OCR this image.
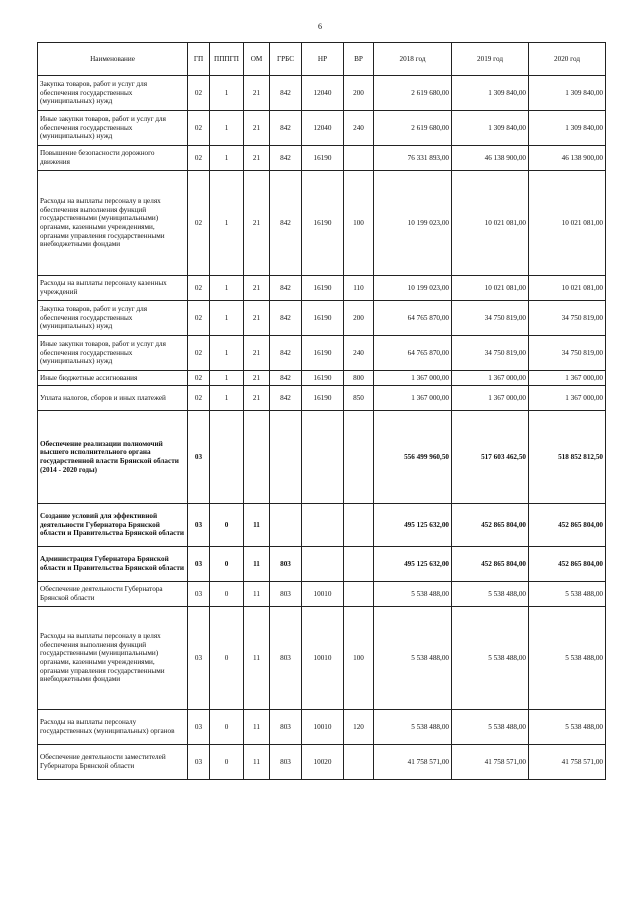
6
Наименование	ГП	ПППГП	ОМ	ГРБС	НР	ВР	2018 год	2019 год	2020 год
Закупка товаров, работ и услуг для обеспечения государственных (муниципальных) нужд	02	1	21	842	12040	200	2 619 680,00	1 309 840,00	1 309 840,00
Иные закупки товаров, работ и услуг для обеспечения государственных (муниципальных) нужд	02	1	21	842	12040	240	2 619 680,00	1 309 840,00	1 309 840,00
Повышение безопасности дорожного движения	02	1	21	842	16190		76 331 893,00	46 138 900,00	46 138 900,00
Расходы на выплаты персоналу в целях обеспечения выполнения функций государственными (муниципальными) органами, казенными учреждениями, органами управления государственными внебюджетными фондами	02	1	21	842	16190	100	10 199 023,00	10 021 081,00	10 021 081,00
Расходы на выплаты персоналу казенных учреждений	02	1	21	842	16190	110	10 199 023,00	10 021 081,00	10 021 081,00
Закупка товаров, работ и услуг для обеспечения государственных (муниципальных) нужд	02	1	21	842	16190	200	64 765 870,00	34 750 819,00	34 750 819,00
Иные закупки товаров, работ и услуг для обеспечения государственных (муниципальных) нужд	02	1	21	842	16190	240	64 765 870,00	34 750 819,00	34 750 819,00
Иные бюджетные ассигнования	02	1	21	842	16190	800	1 367 000,00	1 367 000,00	1 367 000,00
Уплата налогов, сборов и иных платежей	02	1	21	842	16190	850	1 367 000,00	1 367 000,00	1 367 000,00
Обеспечение реализации полномочий высшего исполнительного органа государственной власти Брянской области (2014 - 2020 годы)	03						556 499 960,50	517 603 462,50	518 852 812,50
Создание условий для эффективной деятельности Губернатора Брянской области и Правительства Брянской области	03	0	11				495 125 632,00	452 865 804,00	452 865 804,00
Администрация Губернатора Брянской области и Правительства Брянской области	03	0	11	803			495 125 632,00	452 865 804,00	452 865 804,00
Обеспечение деятельности Губернатора Брянской области	03	0	11	803	10010		5 538 488,00	5 538 488,00	5 538 488,00
Расходы на выплаты персоналу в целях обеспечения выполнения функций государственными (муниципальными) органами, казенными учреждениями, органами управления государственными внебюджетными фондами	03	0	11	803	10010	100	5 538 488,00	5 538 488,00	5 538 488,00
Расходы на выплаты персоналу государственных (муниципальных) органов	03	0	11	803	10010	120	5 538 488,00	5 538 488,00	5 538 488,00
Обеспечение деятельности заместителей Губернатора Брянской области	03	0	11	803	10020		41 758 571,00	41 758 571,00	41 758 571,00
